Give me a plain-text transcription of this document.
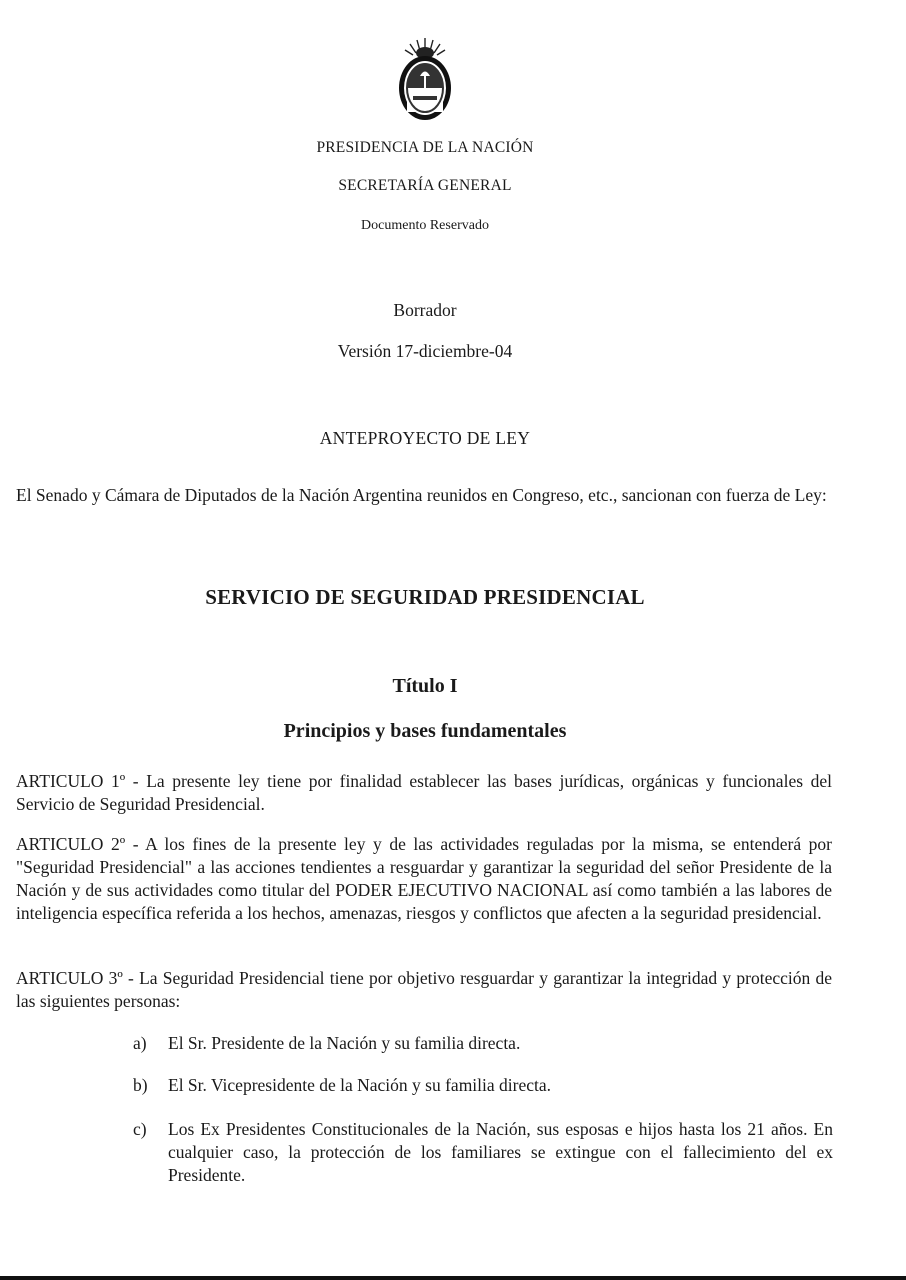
PRESIDENCIA DE LA NACIÓN
SECRETARÍA GENERAL
Documento Reservado
Borrador
Versión 17-diciembre-04
ANTEPROYECTO DE LEY
El Senado y Cámara de Diputados de la Nación Argentina reunidos en Congreso, etc., sancionan con fuerza de Ley:
SERVICIO DE SEGURIDAD PRESIDENCIAL
Título I
Principios y bases fundamentales
ARTICULO 1º - La presente ley tiene por finalidad establecer las bases jurídicas, orgánicas y funcionales del Servicio de Seguridad Presidencial.
ARTICULO 2º - A los fines de la presente ley y de las actividades reguladas por la misma, se entenderá por "Seguridad Presidencial" a las acciones tendientes a resguardar y garantizar la seguridad del señor Presidente de la Nación y de sus actividades como titular del PODER EJECUTIVO NACIONAL así como también a las labores de inteligencia específica referida a los hechos, amenazas, riesgos y conflictos que afecten a la seguridad presidencial.
ARTICULO 3º - La Seguridad Presidencial tiene por objetivo resguardar y garantizar la integridad y protección de las siguientes personas:
a)	El Sr. Presidente de la Nación y su familia directa.
b)	El Sr. Vicepresidente de la Nación y su familia directa.
c)	Los Ex Presidentes Constitucionales de la Nación, sus esposas e hijos hasta los 21 años. En cualquier caso, la protección de los familiares se extingue con el fallecimiento del ex Presidente.
